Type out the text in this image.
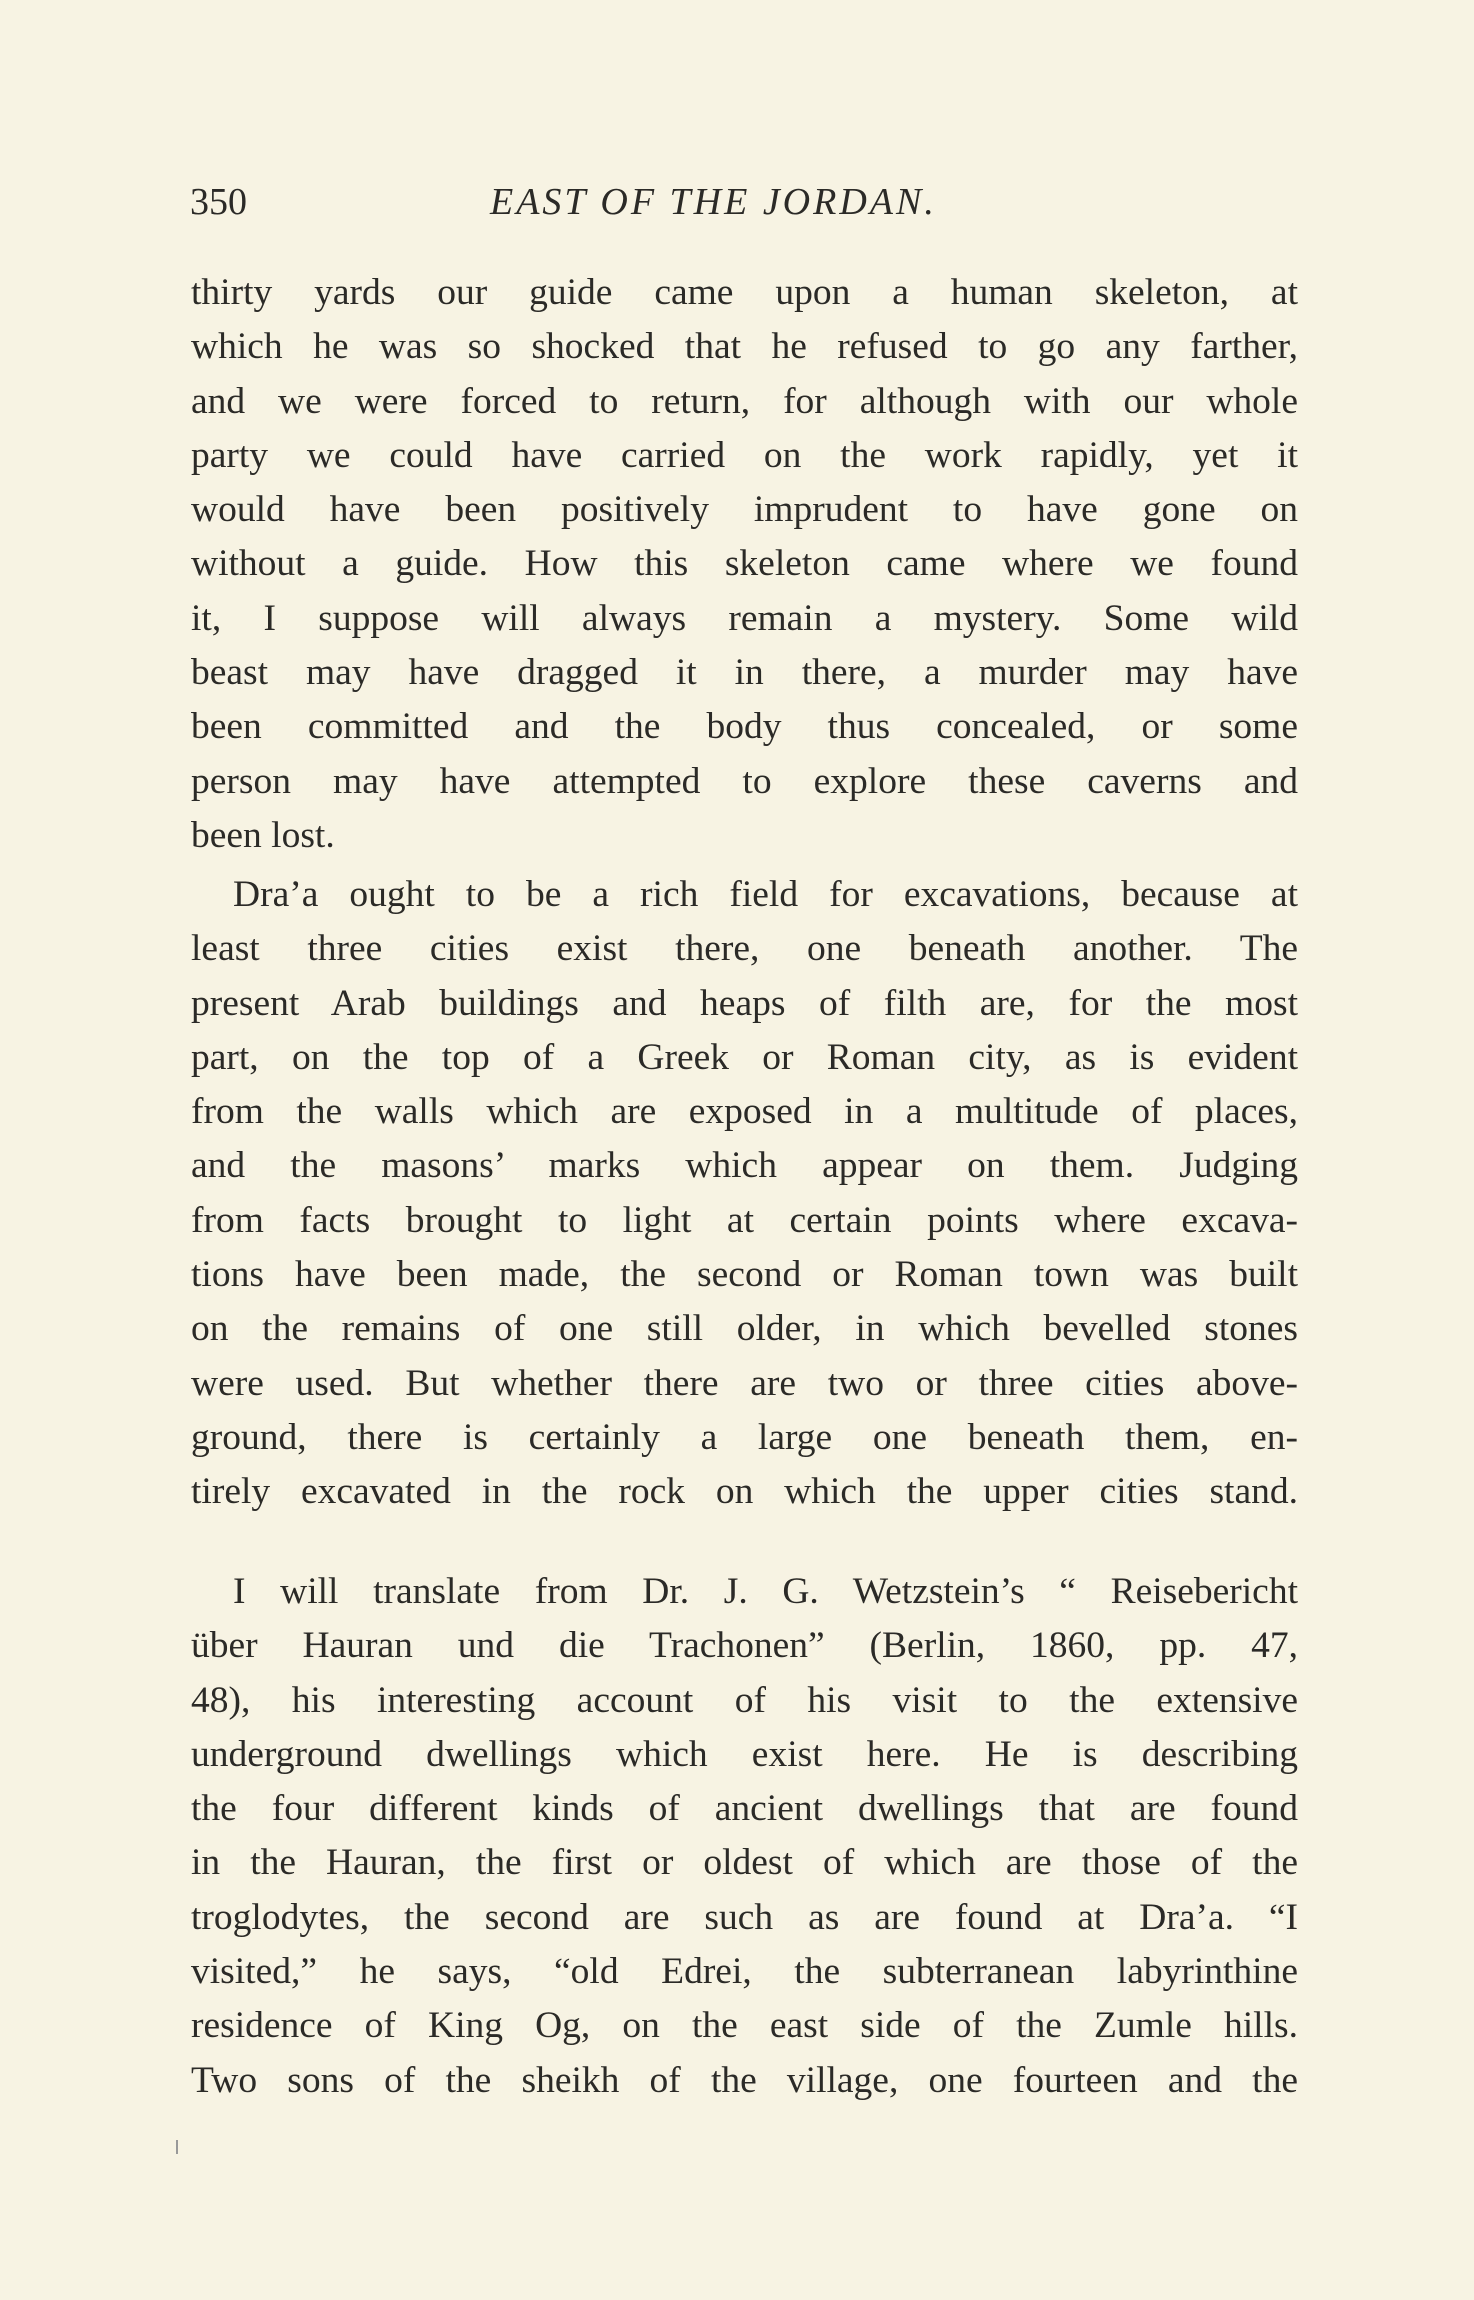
350	EAST OF THE JORDAN.
thirty yards our guide came upon a human skeleton, at
which he was so shocked that he refused to go any farther,
and we were forced to return, for although with our whole
party we could have carried on the work rapidly, yet it
would have been positively imprudent to have gone on
without a guide. How this skeleton came where we found
it, I suppose will always remain a mystery. Some wild
beast may have dragged it in there, a murder may have
been committed and the body thus concealed, or some
person may have attempted to explore these caverns and
been lost.
Dra’a ought to be a rich field for excavations, because at
least three cities exist there, one beneath another. The
present Arab buildings and heaps of filth are, for the most
part, on the top of a Greek or Roman city, as is evident
from the walls which are exposed in a multitude of places,
and the masons’ marks which appear on them. Judging
from facts brought to light at certain points where excava-
tions have been made, the second or Roman town was built
on the remains of one still older, in which bevelled stones
were used. But whether there are two or three cities above-
ground, there is certainly a large one beneath them, en-
tirely excavated in the rock on which the upper cities stand.
I will translate from Dr. J. G. Wetzstein’s “ Reisebericht
über Hauran und die Trachonen” (Berlin, 1860, pp. 47,
48), his interesting account of his visit to the extensive
underground dwellings which exist here. He is describing
the four different kinds of ancient dwellings that are found
in the Hauran, the first or oldest of which are those of the
troglodytes, the second are such as are found at Dra’a. “I
visited,” he says, “old Edrei, the subterranean labyrinthine
residence of King Og, on the east side of the Zumle hills.
Two sons of the sheikh of the village, one fourteen and the
